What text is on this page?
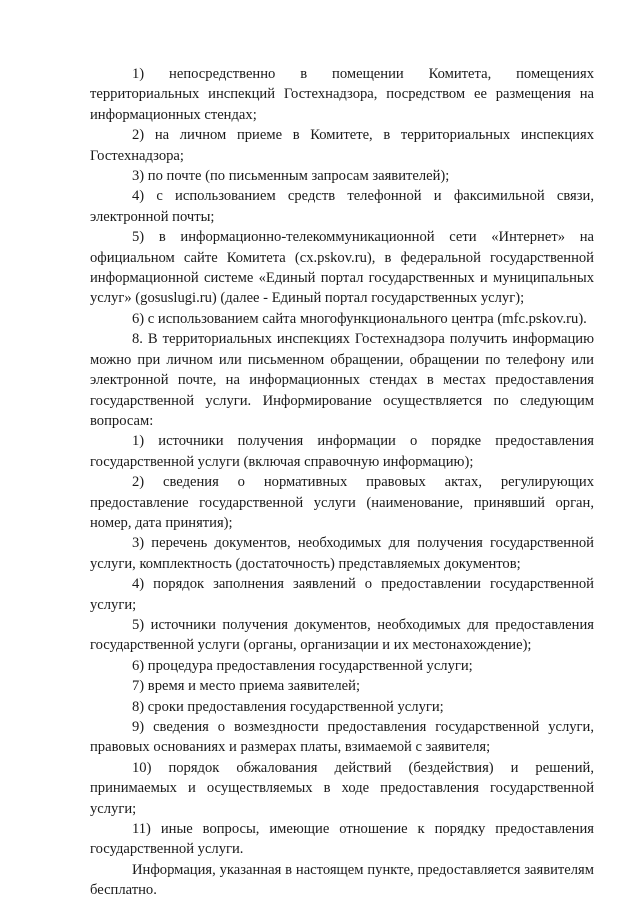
1) непосредственно в помещении Комитета, помещениях территориальных инспекций Гостехнадзора, посредством ее размещения на информационных стендах;

2) на личном приеме в Комитете, в территориальных инспекциях Гостехнадзора;

3) по почте (по письменным запросам заявителей);

4) с использованием средств телефонной и факсимильной связи, электронной почты;

5) в информационно-телекоммуникационной сети «Интернет» на официальном сайте Комитета (cx.pskov.ru), в федеральной государственной информационной системе «Единый портал государственных и муниципальных услуг» (gosuslugi.ru) (далее - Единый портал государственных услуг);

6) с использованием сайта многофункционального центра (mfc.pskov.ru).

8. В территориальных инспекциях Гостехнадзора получить информацию можно при личном или письменном обращении, обращении по телефону или электронной почте, на информационных стендах в местах предоставления государственной услуги. Информирование осуществляется по следующим вопросам:

1) источники получения информации о порядке предоставления государственной услуги (включая справочную информацию);

2) сведения о нормативных правовых актах, регулирующих предоставление государственной услуги (наименование, принявший орган, номер, дата принятия);

3) перечень документов, необходимых для получения государственной услуги, комплектность (достаточность) представляемых документов;

4) порядок заполнения заявлений о предоставлении государственной услуги;

5) источники получения документов, необходимых для предоставления государственной услуги (органы, организации и их местонахождение);

6) процедура предоставления государственной услуги;

7) время и место приема заявителей;

8) сроки предоставления государственной услуги;

9) сведения о возмездности предоставления государственной услуги, правовых основаниях и размерах платы, взимаемой с заявителя;

10) порядок обжалования действий (бездействия) и решений, принимаемых и осуществляемых в ходе предоставления государственной услуги;

11) иные вопросы, имеющие отношение к порядку предоставления государственной услуги.

Информация, указанная в настоящем пункте, предоставляется заявителям бесплатно.
